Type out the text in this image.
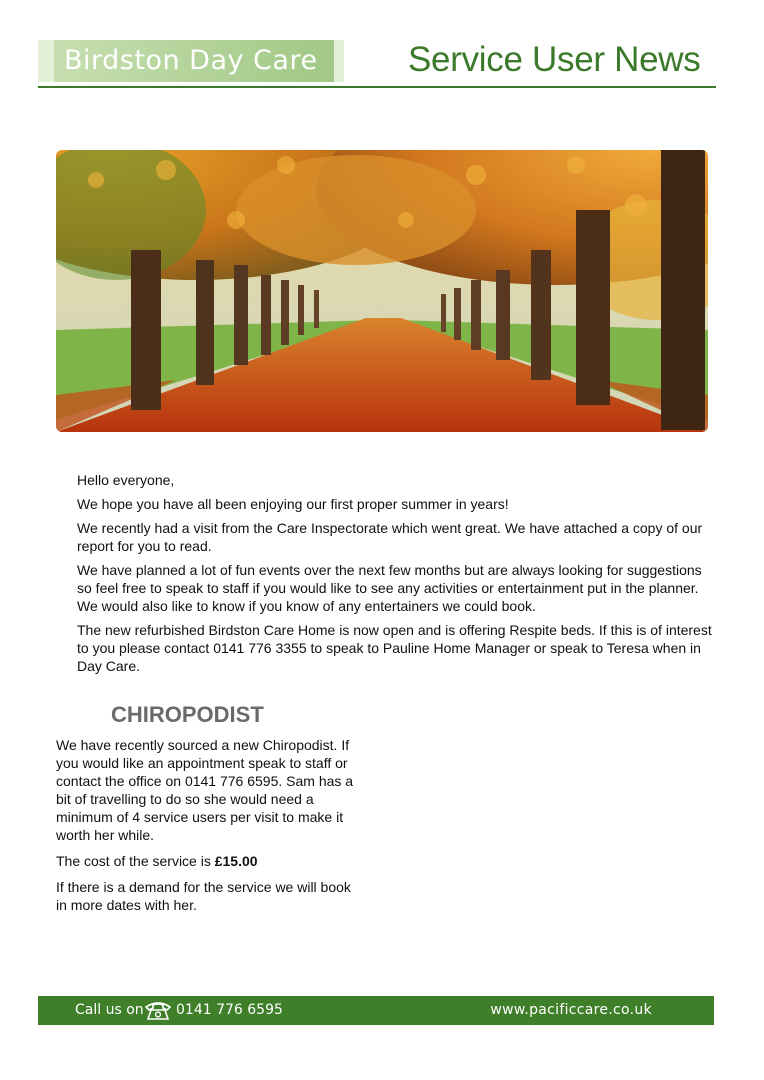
Birdston Day Care	Service User News

Hello everyone,

We hope you have all been enjoying our first proper summer in years!

We recently had a visit from the Care Inspectorate which went great. We have attached a copy of our report for you to read.

We have planned a lot of fun events over the next few months but are always looking for suggestions so feel free to speak to staff if you would like to see any activities or entertainment put in the planner. We would also like to know if you know of any entertainers we could book.

The new refurbished Birdston Care Home is now open and is offering Respite beds. If this is of interest to you please contact 0141 776 3355 to speak to Pauline Home Manager or speak to Teresa when in Day Care.

CHIROPODIST

We have recently sourced a new Chiropodist. If you would like an appointment speak to staff or contact the office on 0141 776 6595. Sam has a bit of travelling to do so she would need a minimum of 4 service users per visit to make it worth her while.

The cost of the service is £15.00

If there is a demand for the service we will book in more dates with her.

Call us on 0141 776 6595	www.pacificcare.co.uk
